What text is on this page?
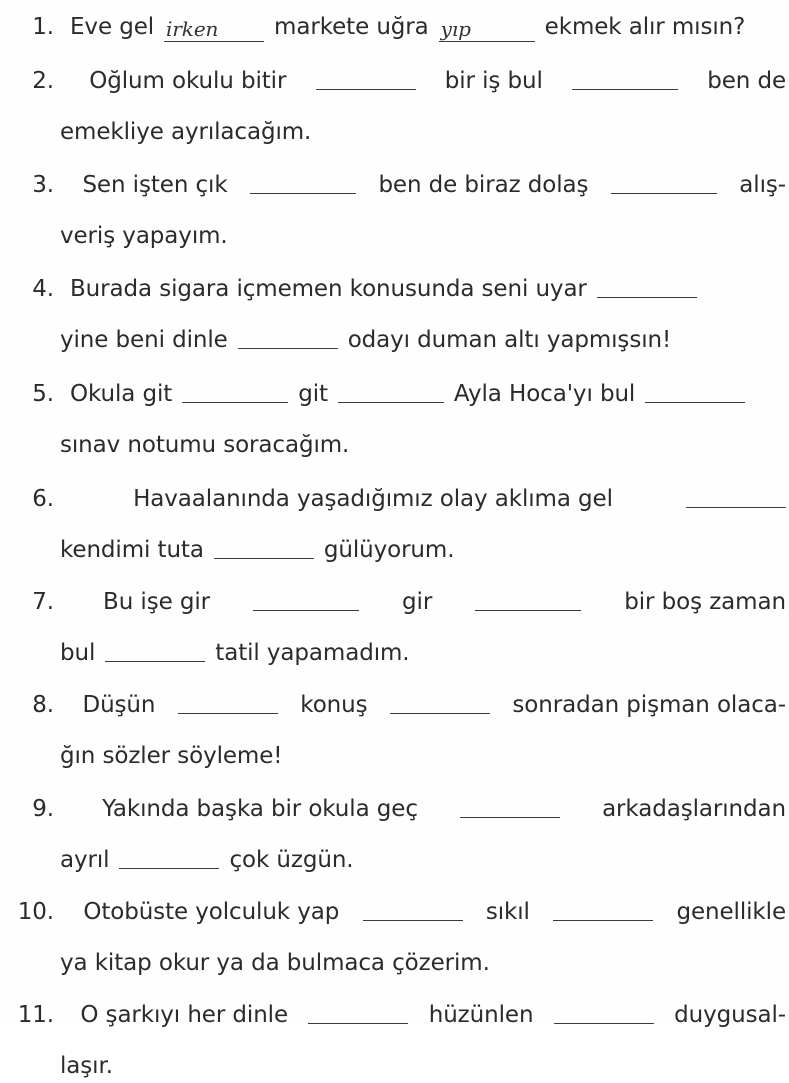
1. Eve gel irken	markete uğra yıp	ekmek alır mısın?
2. Oğlum okulu bitir	bir iş bul	ben de
emekliye ayrılacağım.
3. Sen işten çık	ben de biraz dolaş	alış-
veriş yapayım.
4. Burada sigara içmemen konusunda seni uyar
yine beni dinle	odayı duman altı yapmışsın!
5. Okula git	git	Ayla Hoca'yı bul
sınav notumu soracağım.
6.	Havaalanında yaşadığımız olay aklıma gel
kendimi tuta	gülüyorum.
7. Bu işe gir	gir	bir boş zaman
bul	tatil yapamadım.
8. Düşün	konuş	sonradan pişman olaca-
ğın sözler söyleme!
9. Yakında başka bir okula geç	arkadaşlarından
ayrıl	çok üzgün.
10. Otobüste yolculuk yap	sıkıl	genellikle
ya kitap okur ya da bulmaca çözerim.
11. O şarkıyı her dinle	hüzünlen	duygusal-
laşır.
